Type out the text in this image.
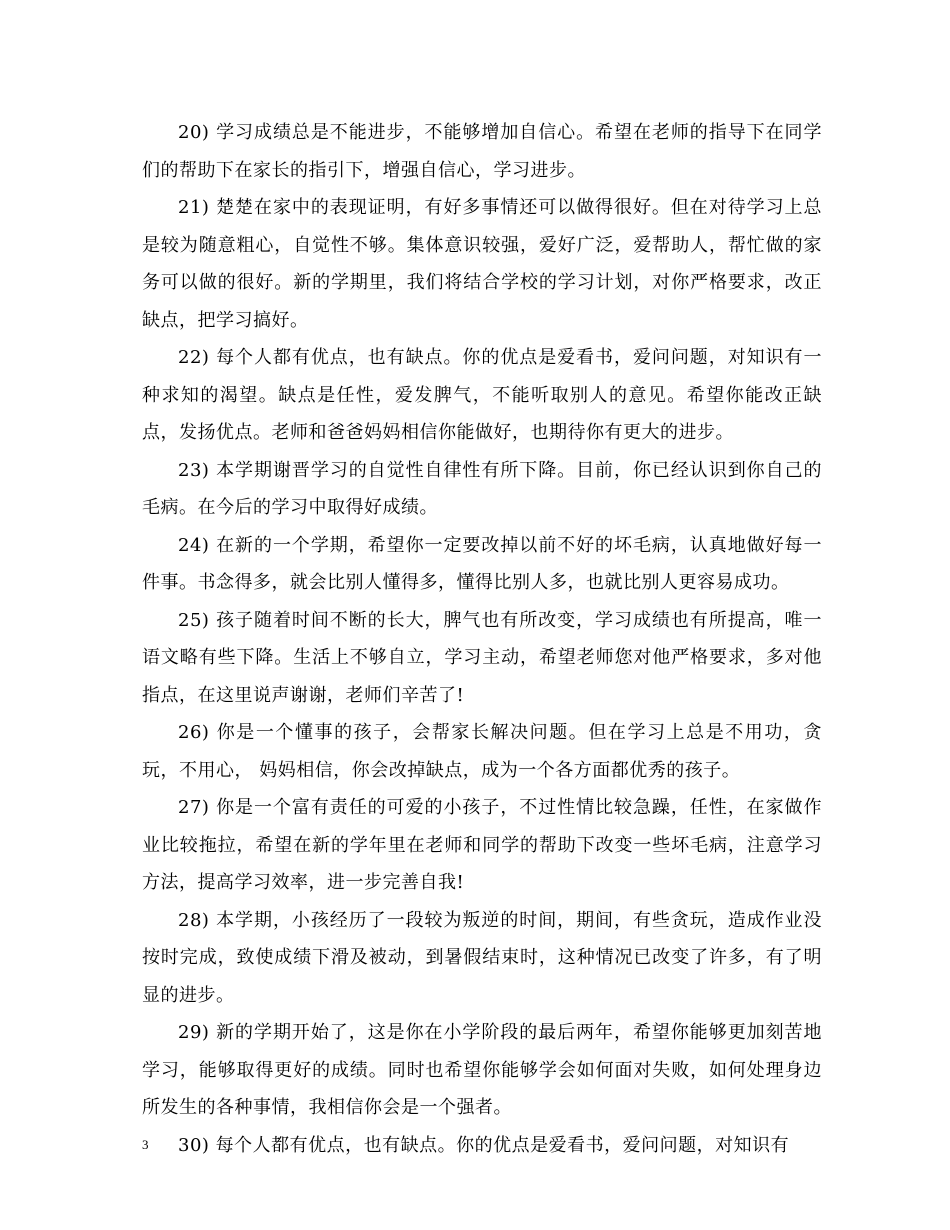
20) 学习成绩总是不能进步，不能够增加自信心。希望在老师的指导下在同学们的帮助下在家长的指引下，增强自信心，学习进步。

21) 楚楚在家中的表现证明，有好多事情还可以做得很好。但在对待学习上总是较为随意粗心，自觉性不够。集体意识较强，爱好广泛，爱帮助人，帮忙做的家务可以做的很好。新的学期里，我们将结合学校的学习计划，对你严格要求，改正缺点，把学习搞好。

22) 每个人都有优点，也有缺点。你的优点是爱看书，爱问问题，对知识有一种求知的渴望。缺点是任性，爱发脾气，不能听取别人的意见。希望你能改正缺点，发扬优点。老师和爸爸妈妈相信你能做好，也期待你有更大的进步。

23) 本学期谢晋学习的自觉性自律性有所下降。目前，你已经认识到你自己的毛病。在今后的学习中取得好成绩。

24) 在新的一个学期，希望你一定要改掉以前不好的坏毛病，认真地做好每一件事。书念得多，就会比别人懂得多，懂得比别人多，也就比别人更容易成功。

25) 孩子随着时间不断的长大，脾气也有所改变，学习成绩也有所提高，唯一语文略有些下降。生活上不够自立，学习主动，希望老师您对他严格要求，多对他指点，在这里说声谢谢，老师们辛苦了!

26) 你是一个懂事的孩子，会帮家长解决问题。但在学习上总是不用功，贪玩，不用心， 妈妈相信，你会改掉缺点，成为一个各方面都优秀的孩子。

27) 你是一个富有责任的可爱的小孩子，不过性情比较急躁，任性，在家做作业比较拖拉，希望在新的学年里在老师和同学的帮助下改变一些坏毛病，注意学习方法，提高学习效率，进一步完善自我!

28) 本学期，小孩经历了一段较为叛逆的时间，期间，有些贪玩，造成作业没按时完成，致使成绩下滑及被动，到暑假结束时，这种情况已改变了许多，有了明显的进步。

29) 新的学期开始了，这是你在小学阶段的最后两年，希望你能够更加刻苦地学习，能够取得更好的成绩。同时也希望你能够学会如何面对失败，如何处理身边所发生的各种事情，我相信你会是一个强者。

30) 每个人都有优点，也有缺点。你的优点是爱看书，爱问问题，对知识有

3
